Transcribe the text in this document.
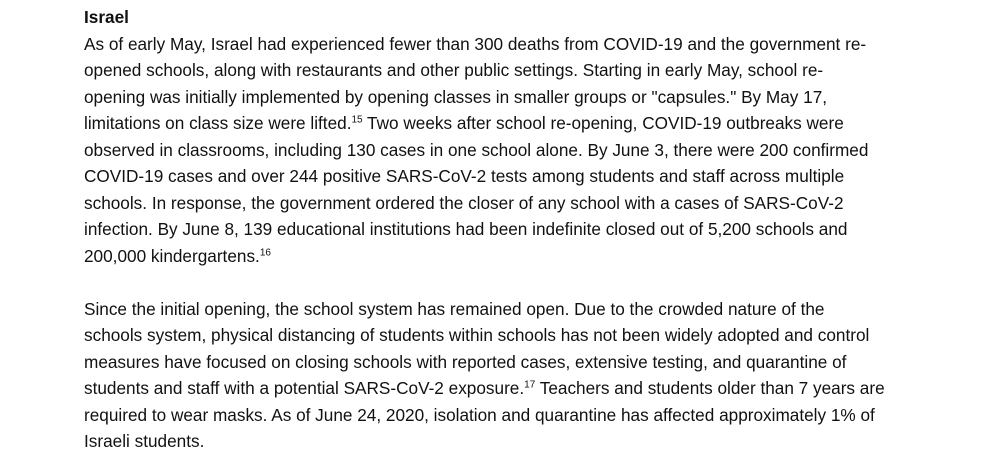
Israel

As of early May, Israel had experienced fewer than 300 deaths from COVID-19 and the government re-
opened schools, along with restaurants and other public settings. Starting in early May, school re-
opening was initially implemented by opening classes in smaller groups or "capsules." By May 17,
limitations on class size were lifted.$^{15}$ Two weeks after school re-opening, COVID-19 outbreaks were
observed in classrooms, including 130 cases in one school alone. By June 3, there were 200 confirmed
COVID-19 cases and over 244 positive SARS-CoV-2 tests among students and staff across multiple
schools. In response, the government ordered the closer of any school with a cases of SARS-CoV-2
infection. By June 8, 139 educational institutions had been indefinite closed out of 5,200 schools and
200,000 kindergartens.$^{16}$

Since the initial opening, the school system has remained open. Due to the crowded nature of the
schools system, physical distancing of students within schools has not been widely adopted and control
measures have focused on closing schools with reported cases, extensive testing, and quarantine of
students and staff with a potential SARS-CoV-2 exposure.$^{17}$ Teachers and students older than 7 years are
required to wear masks. As of June 24, 2020, isolation and quarantine has affected approximately 1% of
Israeli students.
